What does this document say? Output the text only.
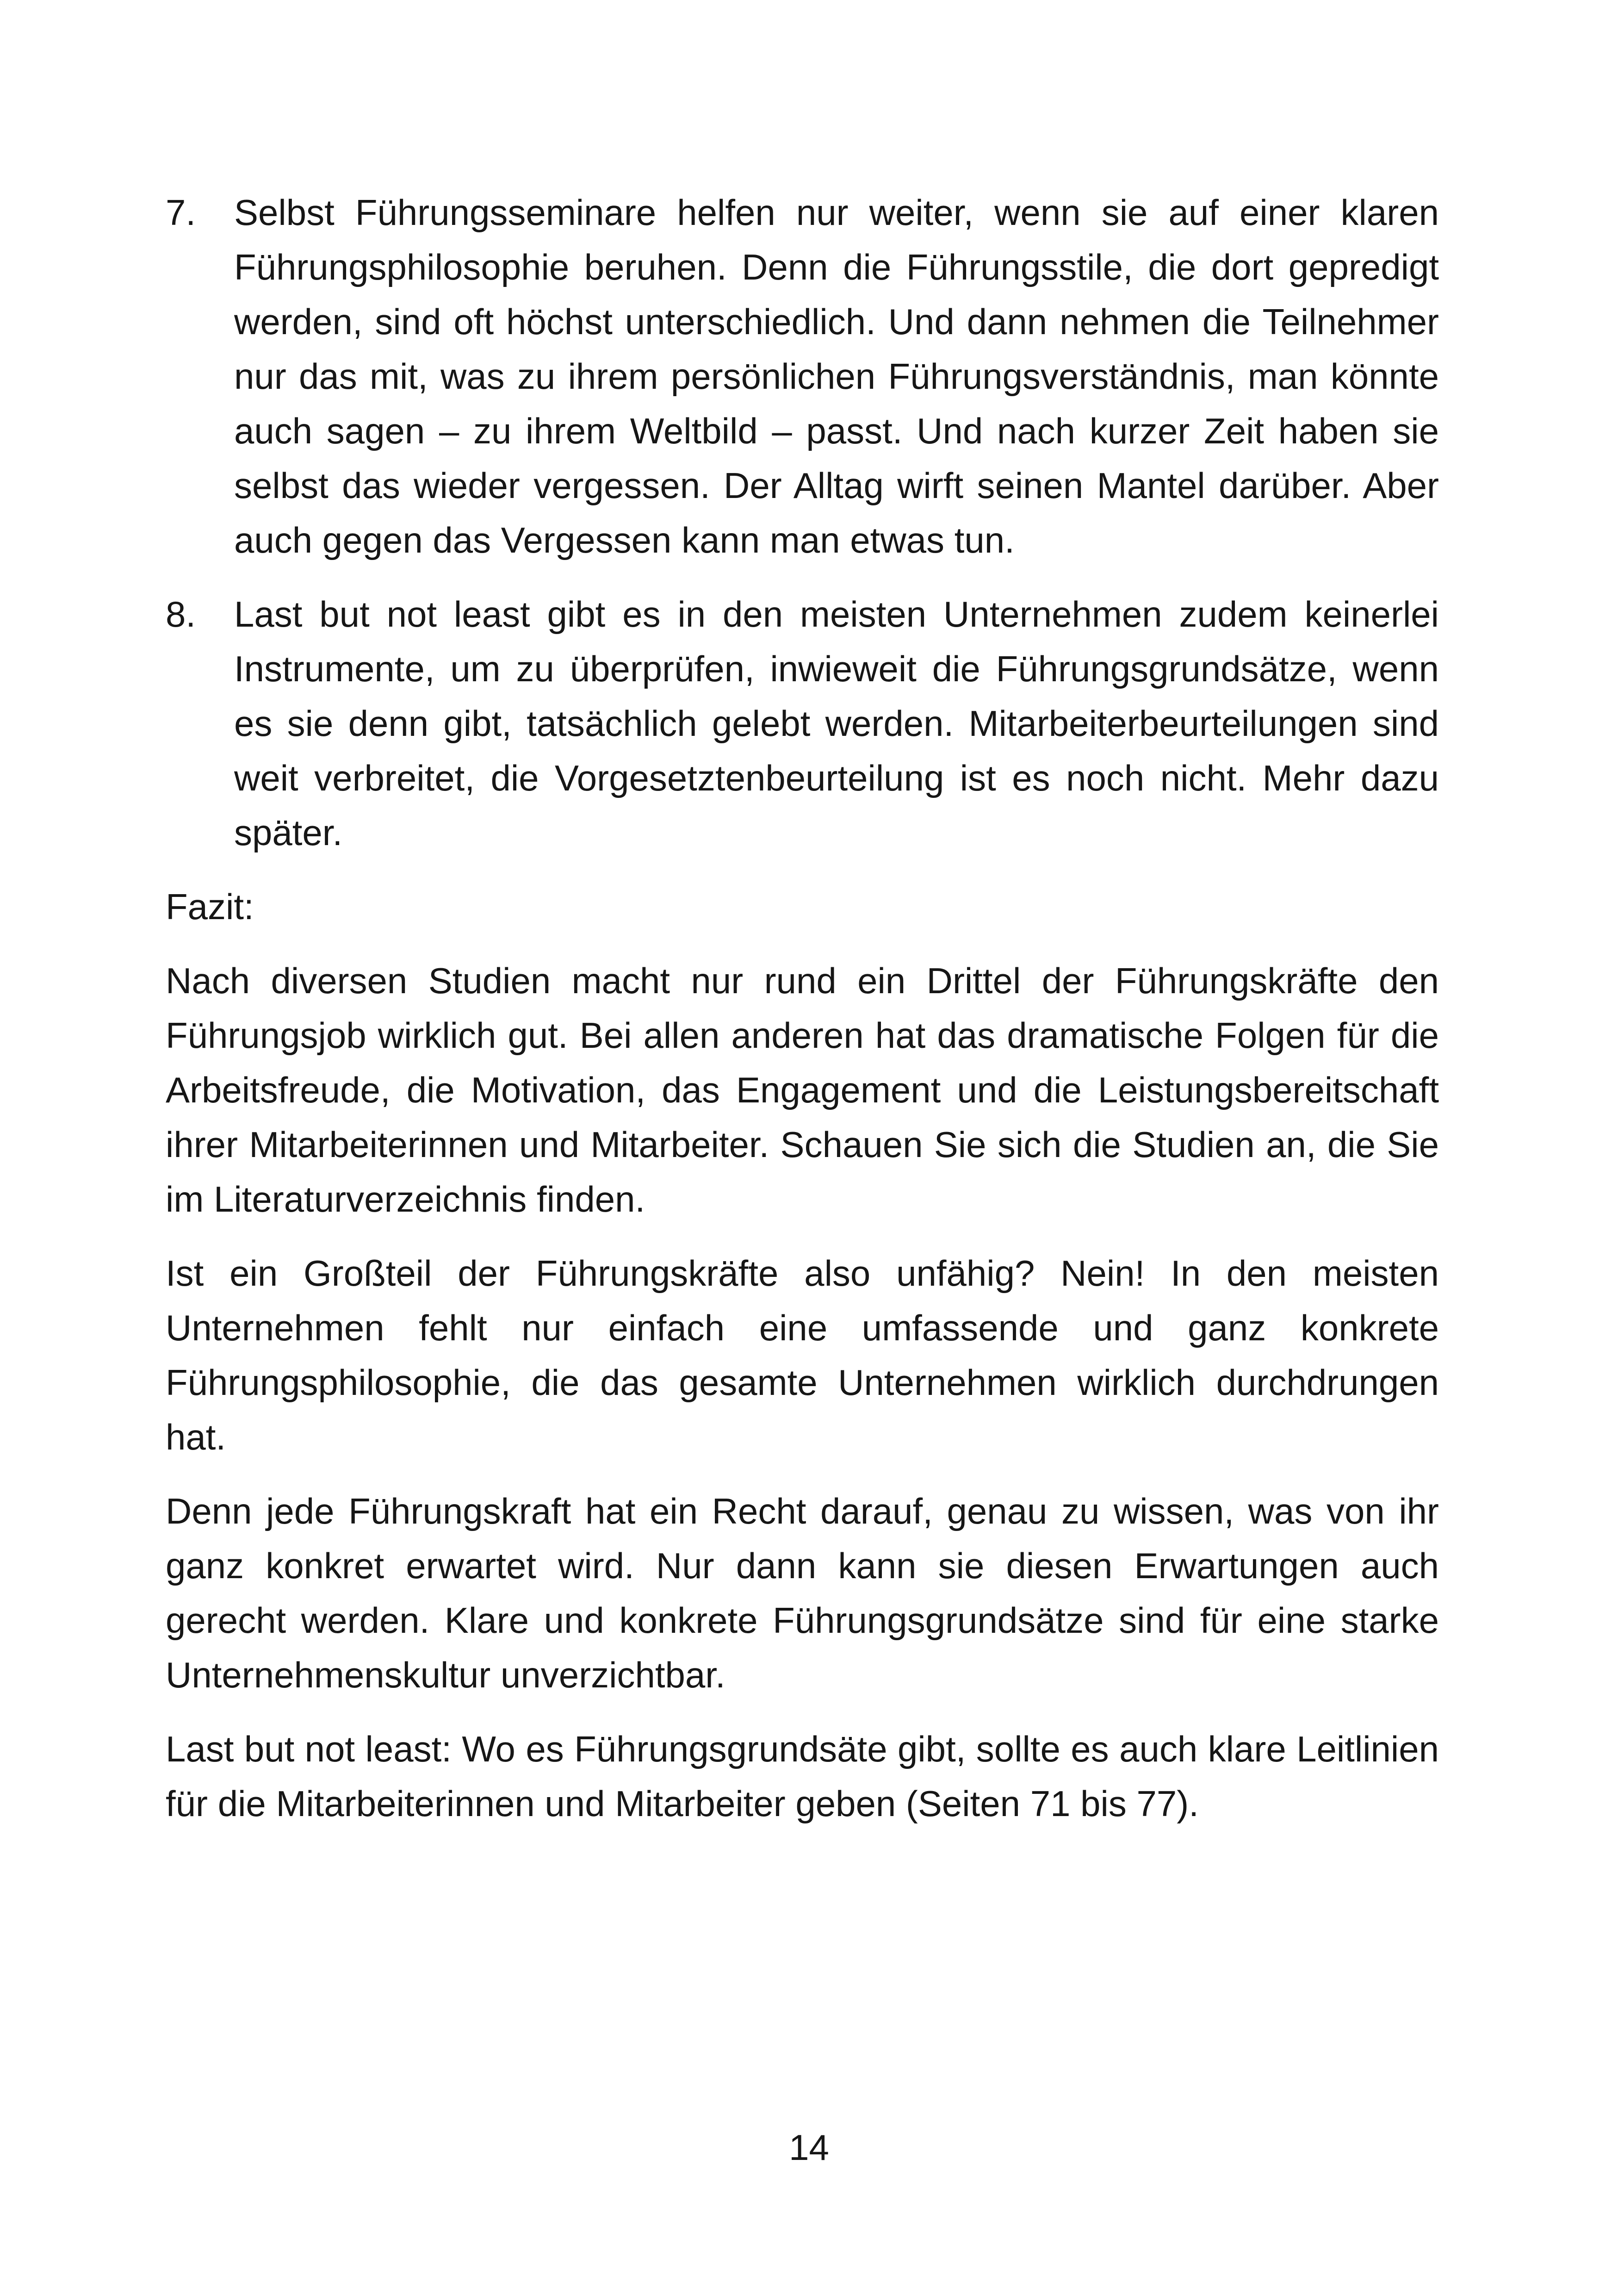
7.	Selbst Führungsseminare helfen nur weiter, wenn sie auf einer klaren Führungsphilosophie beruhen. Denn die Führungsstile, die dort gepredigt werden, sind oft höchst unterschiedlich. Und dann nehmen die Teilnehmer nur das mit, was zu ihrem persönlichen Führungsverständnis, man könnte auch sagen – zu ihrem Weltbild – passt. Und nach kurzer Zeit haben sie selbst das wieder vergessen. Der Alltag wirft seinen Mantel darüber. Aber auch gegen das Vergessen kann man etwas tun.
8.	Last but not least gibt es in den meisten Unternehmen zudem keinerlei Instrumente, um zu überprüfen, inwieweit die Führungsgrundsätze, wenn es sie denn gibt, tatsächlich gelebt werden. Mitarbeiterbeurteilungen sind weit verbreitet, die Vorgesetztenbeurteilung ist es noch nicht. Mehr dazu später.

Fazit:

Nach diversen Studien macht nur rund ein Drittel der Führungskräfte den Führungsjob wirklich gut. Bei allen anderen hat das dramatische Folgen für die Arbeitsfreude, die Motivation, das Engagement und die Leistungsbereitschaft ihrer Mitarbeiterinnen und Mitarbeiter. Schauen Sie sich die Studien an, die Sie im Literaturverzeichnis finden.

Ist ein Großteil der Führungskräfte also unfähig? Nein! In den meisten Unternehmen fehlt nur einfach eine umfassende und ganz konkrete Führungsphilosophie, die das gesamte Unternehmen wirklich durchdrungen hat.

Denn jede Führungskraft hat ein Recht darauf, genau zu wissen, was von ihr ganz konkret erwartet wird. Nur dann kann sie diesen Erwartungen auch gerecht werden. Klare und konkrete Führungsgrundsätze sind für eine starke Unternehmenskultur unverzichtbar.

Last but not least: Wo es Führungsgrundsäte gibt, sollte es auch klare Leitlinien für die Mitarbeiterinnen und Mitarbeiter geben (Seiten 71 bis 77).

14
